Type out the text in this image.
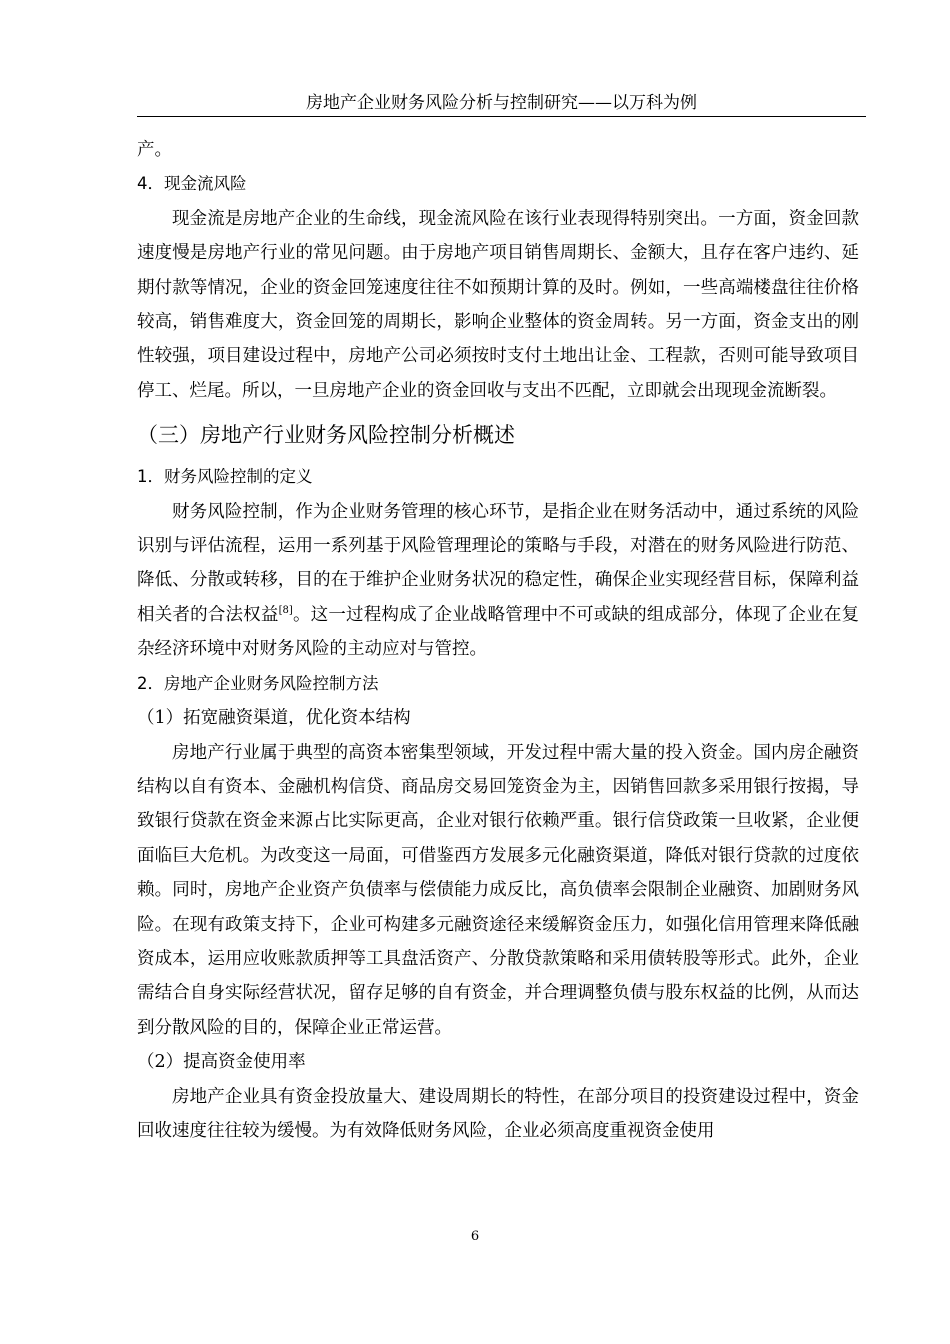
房地产企业财务风险分析与控制研究——以万科为例

产。

4．现金流风险

现金流是房地产企业的生命线，现金流风险在该行业表现得特别突出。一方面，资金回款速度慢是房地产行业的常见问题。由于房地产项目销售周期长、金额大，且存在客户违约、延期付款等情况，企业的资金回笼速度往往不如预期计算的及时。例如，一些高端楼盘往往价格较高，销售难度大，资金回笼的周期长，影响企业整体的资金周转。另一方面，资金支出的刚性较强，项目建设过程中，房地产公司必须按时支付土地出让金、工程款，否则可能导致项目停工、烂尾。所以，一旦房地产企业的资金回收与支出不匹配，立即就会出现现金流断裂。

（三）房地产行业财务风险控制分析概述

1．财务风险控制的定义

财务风险控制，作为企业财务管理的核心环节，是指企业在财务活动中，通过系统的风险识别与评估流程，运用一系列基于风险管理理论的策略与手段，对潜在的财务风险进行防范、降低、分散或转移，目的在于维护企业财务状况的稳定性，确保企业实现经营目标，保障利益相关者的合法权益[8]。这一过程构成了企业战略管理中不可或缺的组成部分，体现了企业在复杂经济环境中对财务风险的主动应对与管控。

2．房地产企业财务风险控制方法

（1）拓宽融资渠道，优化资本结构

房地产行业属于典型的高资本密集型领域，开发过程中需大量的投入资金。国内房企融资结构以自有资本、金融机构信贷、商品房交易回笼资金为主，因销售回款多采用银行按揭，导致银行贷款在资金来源占比实际更高，企业对银行依赖严重。银行信贷政策一旦收紧，企业便面临巨大危机。为改变这一局面，可借鉴西方发展多元化融资渠道，降低对银行贷款的过度依赖。同时，房地产企业资产负债率与偿债能力成反比，高负债率会限制企业融资、加剧财务风险。在现有政策支持下，企业可构建多元融资途径来缓解资金压力，如强化信用管理来降低融资成本，运用应收账款质押等工具盘活资产、分散贷款策略和采用债转股等形式。此外，企业需结合自身实际经营状况，留存足够的自有资金，并合理调整负债与股东权益的比例，从而达到分散风险的目的，保障企业正常运营。

（2）提高资金使用率

房地产企业具有资金投放量大、建设周期长的特性，在部分项目的投资建设过程中，资金回收速度往往较为缓慢。为有效降低财务风险，企业必须高度重视资金使用

6
